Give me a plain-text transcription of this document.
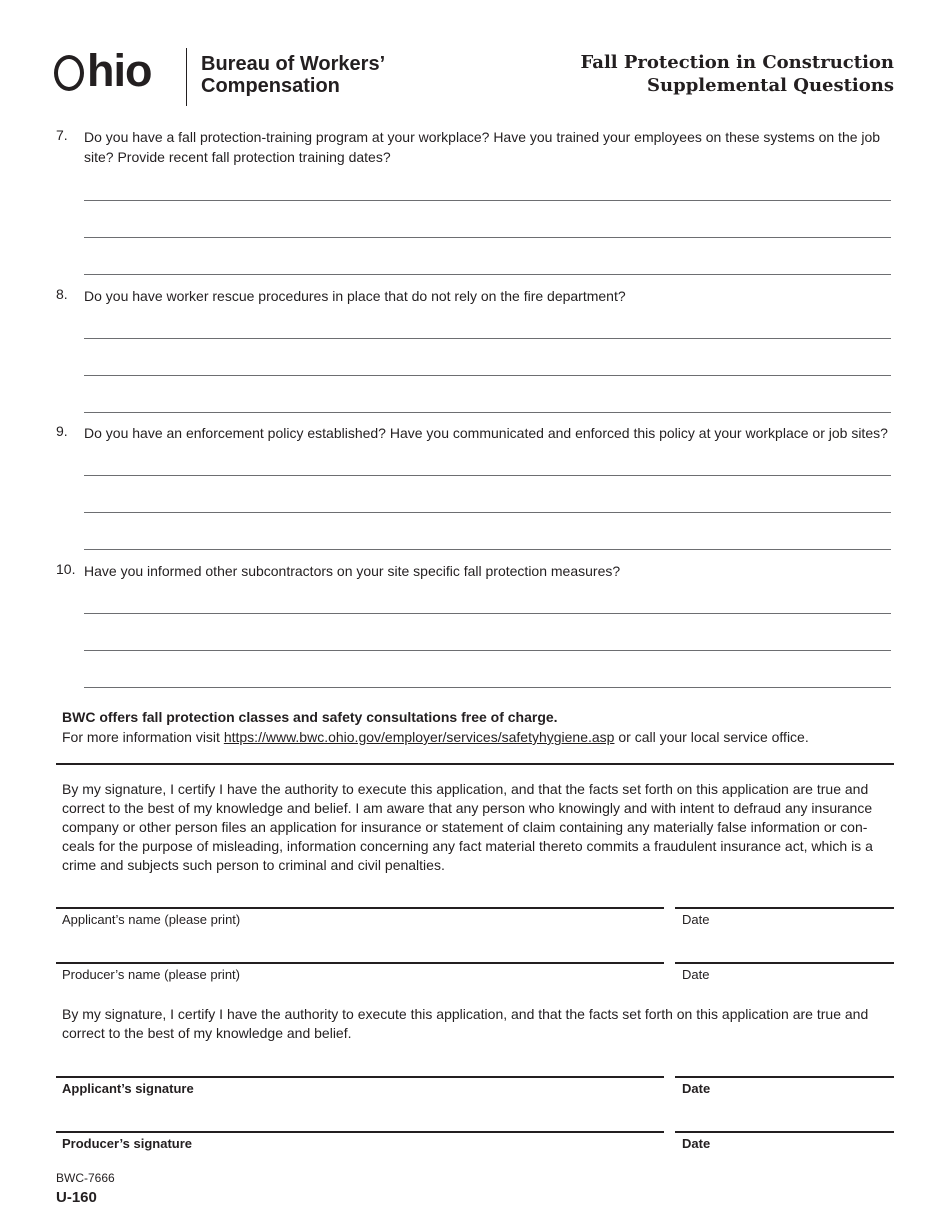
hio Bureau of Workers’
Compensation
Fall Protection in Construction
Supplemental Questions
7. Do you have a fall protection-training program at your workplace? Have you trained your employees on these systems on the job site? Provide recent fall protection training dates?
8. Do you have worker rescue procedures in place that do not rely on the fire department?
9. Do you have an enforcement policy established? Have you communicated and enforced this policy at your workplace or job sites?
10. Have you informed other subcontractors on your site specific fall protection measures?
BWC offers fall protection classes and safety consultations free of charge.
For more information visit https://www.bwc.ohio.gov/employer/services/safetyhygiene.asp or call your local service office.
By my signature, I certify I have the authority to execute this application, and that the facts set forth on this application are true and correct to the best of my knowledge and belief. I am aware that any person who knowingly and with intent to defraud any insurance company or other person files an application for insurance or statement of claim containing any materially false information or conceals for the purpose of misleading, information concerning any fact material thereto commits a fraudulent insurance act, which is a crime and subjects such person to criminal and civil penalties.
Applicant’s name (please print)	Date
Producer’s name (please print)	Date
By my signature, I certify I have the authority to execute this application, and that the facts set forth on this application are true and correct to the best of my knowledge and belief.
Applicant’s signature	Date
Producer’s signature	Date
BWC-7666
U-160
